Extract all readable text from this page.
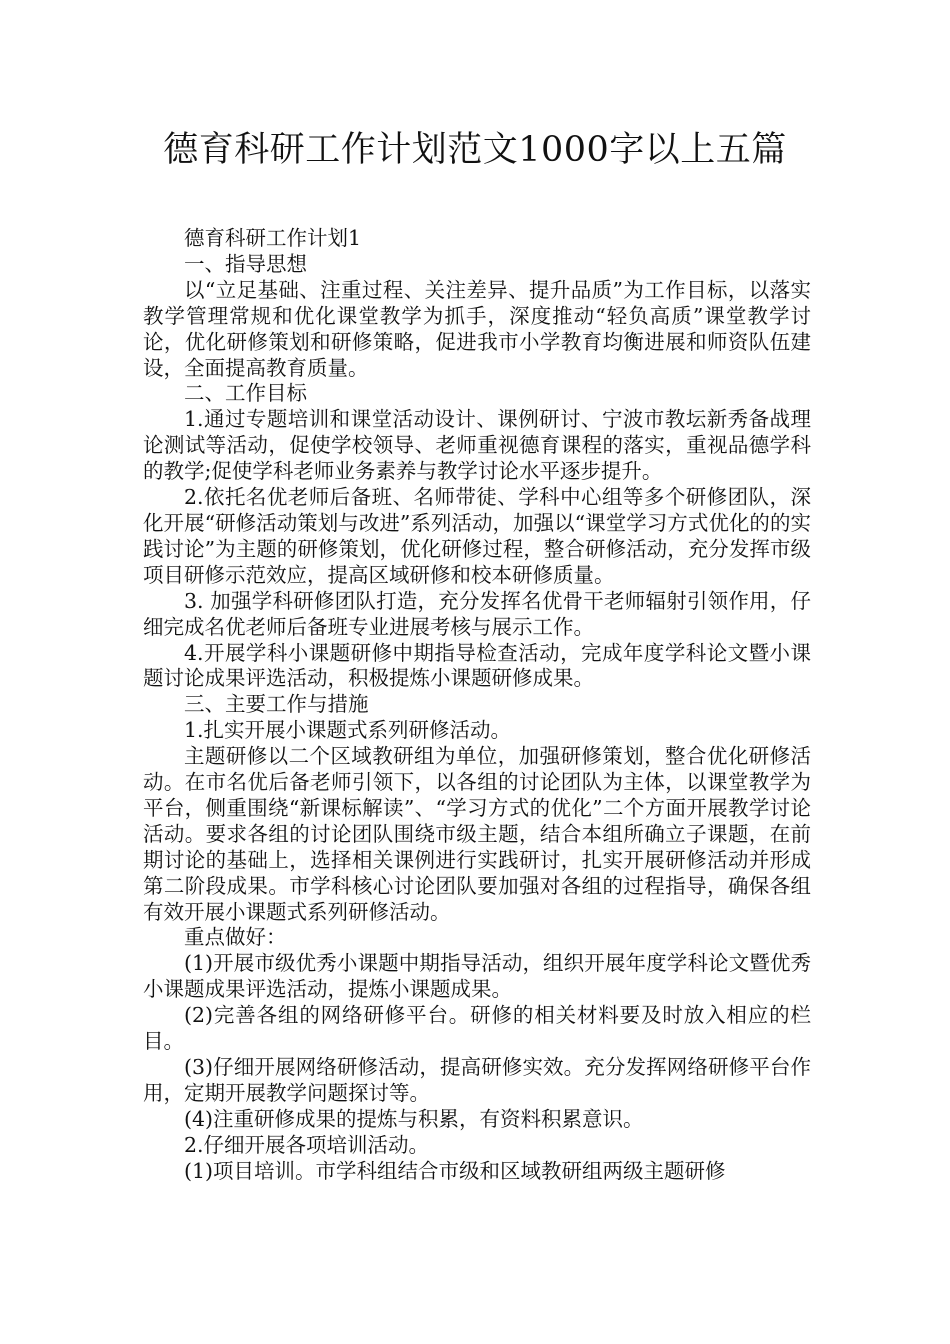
德育科研工作计划范文1000字以上五篇

德育科研工作计划1

一、指导思想

以“立足基础、注重过程、关注差异、提升品质”为工作目标，以落实教学管理常规和优化课堂教学为抓手，深度推动“轻负高质”课堂教学讨论，优化研修策划和研修策略，促进我市小学教育均衡进展和师资队伍建设，全面提高教育质量。

二、工作目标

1.通过专题培训和课堂活动设计、课例研讨、宁波市教坛新秀备战理论测试等活动，促使学校领导、老师重视德育课程的落实，重视品德学科的教学;促使学科老师业务素养与教学讨论水平逐步提升。

2.依托名优老师后备班、名师带徒、学科中心组等多个研修团队，深化开展“研修活动策划与改进”系列活动，加强以“课堂学习方式优化的的实践讨论”为主题的研修策划，优化研修过程，整合研修活动，充分发挥市级项目研修示范效应，提高区域研修和校本研修质量。

3. 加强学科研修团队打造，充分发挥名优骨干老师辐射引领作用，仔细完成名优老师后备班专业进展考核与展示工作。

4.开展学科小课题研修中期指导检查活动，完成年度学科论文暨小课题讨论成果评选活动，积极提炼小课题研修成果。

三、主要工作与措施

1.扎实开展小课题式系列研修活动。

主题研修以二个区域教研组为单位，加强研修策划，整合优化研修活动。在市名优后备老师引领下，以各组的讨论团队为主体，以课堂教学为平台，侧重围绕“新课标解读”、“学习方式的优化”二个方面开展教学讨论活动。要求各组的讨论团队围绕市级主题，结合本组所确立子课题，在前期讨论的基础上，选择相关课例进行实践研讨，扎实开展研修活动并形成第二阶段成果。市学科核心讨论团队要加强对各组的过程指导，确保各组有效开展小课题式系列研修活动。

重点做好：

(1)开展市级优秀小课题中期指导活动，组织开展年度学科论文暨优秀小课题成果评选活动，提炼小课题成果。

(2)完善各组的网络研修平台。研修的相关材料要及时放入相应的栏目。

(3)仔细开展网络研修活动，提高研修实效。充分发挥网络研修平台作用，定期开展教学问题探讨等。

(4)注重研修成果的提炼与积累，有资料积累意识。

2.仔细开展各项培训活动。

(1)项目培训。市学科组结合市级和区域教研组两级主题研修
